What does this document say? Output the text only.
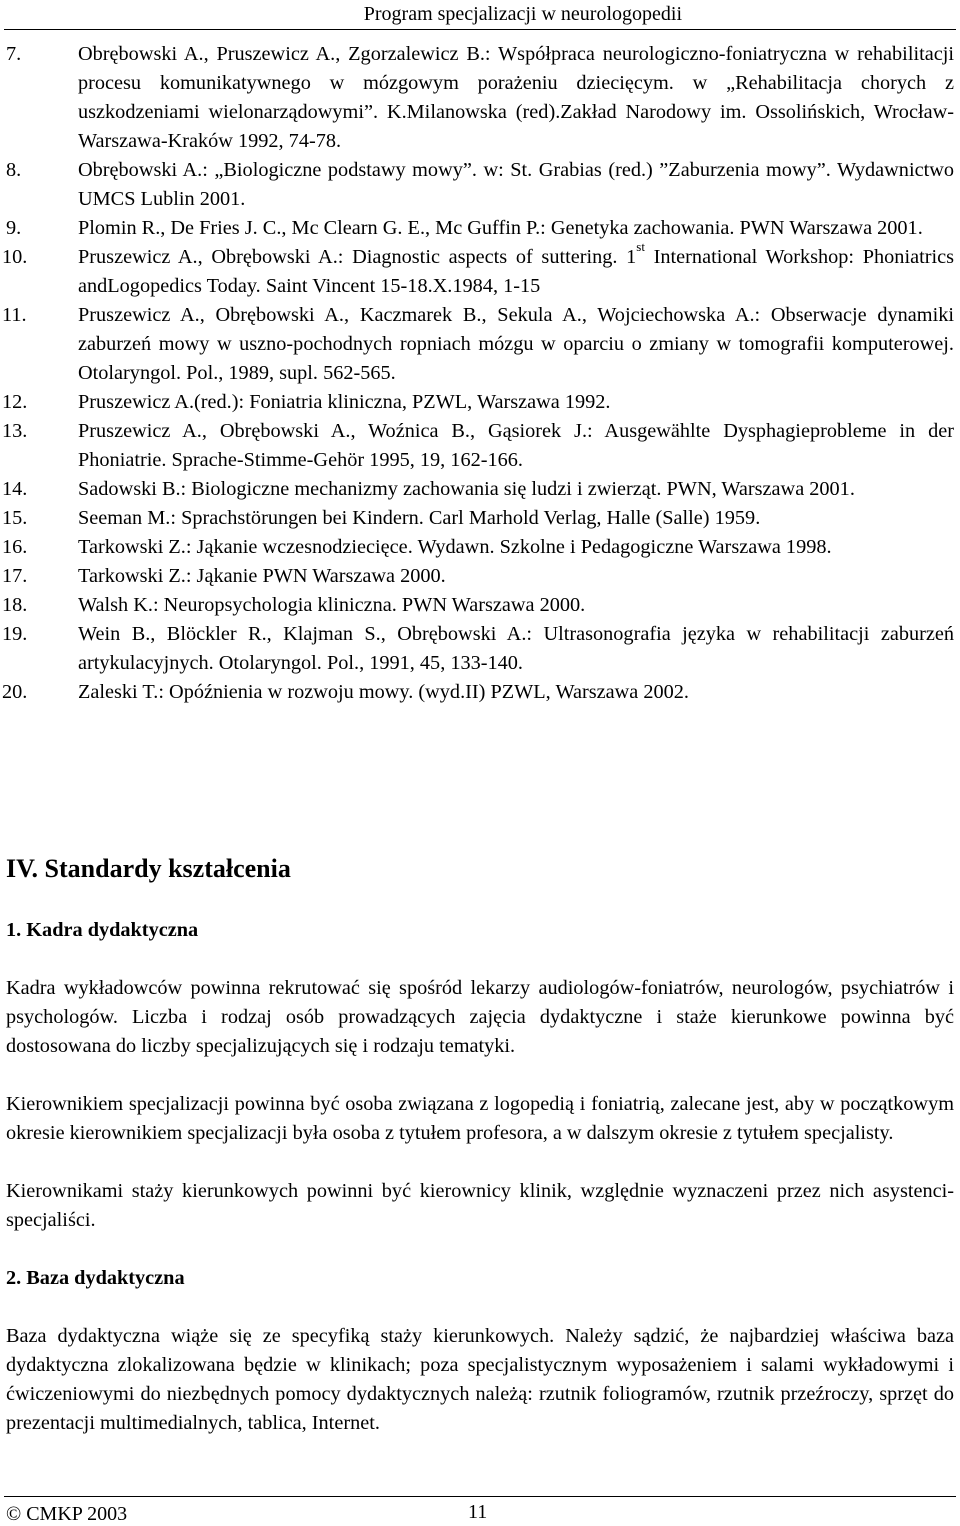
Program specjalizacji w neurologopedii
7.	Obrębowski A., Pruszewicz A., Zgorzalewicz B.: Współpraca neurologiczno-foniatryczna w rehabilitacji procesu komunikatywnego w mózgowym porażeniu dziecięcym. w „Rehabilitacja chorych z uszkodzeniami wielonarządowymi”. K.Milanowska (red).Zakład Narodowy im. Ossolińskich, Wrocław-Warszawa-Kraków 1992, 74-78.
8.	Obrębowski A.: „Biologiczne podstawy mowy”. w: St. Grabias (red.) ”Zaburzenia mowy”. Wydawnictwo UMCS Lublin 2001.
9.	Plomin R., De Fries J. C., Mc Clearn G. E., Mc Guffin P.: Genetyka zachowania. PWN Warszawa 2001.
10.	Pruszewicz A., Obrębowski A.: Diagnostic aspects of suttering. 1st International Workshop: Phoniatrics andLogopedics Today. Saint Vincent 15-18.X.1984, 1-15
11.	Pruszewicz A., Obrębowski A., Kaczmarek B., Sekula A., Wojciechowska A.: Obserwacje dynamiki zaburzeń mowy w uszno-pochodnych ropniach mózgu w oparciu o zmiany w tomografii komputerowej. Otolaryngol. Pol., 1989, supl. 562-565.
12.	Pruszewicz A.(red.): Foniatria kliniczna, PZWL, Warszawa 1992.
13.	Pruszewicz A., Obrębowski A., Woźnica B., Gąsiorek J.: Ausgewählte Dysphagieprobleme in der Phoniatrie. Sprache-Stimme-Gehör 1995, 19, 162-166.
14.	Sadowski B.: Biologiczne mechanizmy zachowania się ludzi i zwierząt. PWN, Warszawa 2001.
15.	Seeman M.: Sprachstörungen bei Kindern. Carl Marhold Verlag, Halle (Salle) 1959.
16.	Tarkowski Z.: Jąkanie wczesnodziecięce. Wydawn. Szkolne i Pedagogiczne Warszawa 1998.
17.	Tarkowski Z.: Jąkanie PWN Warszawa 2000.
18.	Walsh K.: Neuropsychologia kliniczna. PWN Warszawa 2000.
19.	Wein B., Blöckler R., Klajman S., Obrębowski A.: Ultrasonografia języka w rehabilitacji zaburzeń artykulacyjnych. Otolaryngol. Pol., 1991, 45, 133-140.
20.	Zaleski T.: Opóźnienia w rozwoju mowy. (wyd.II) PZWL, Warszawa 2002.
IV. Standardy kształcenia
1. Kadra dydaktyczna

Kadra wykładowców powinna rekrutować się spośród lekarzy audiologów-foniatrów, neurologów, psychiatrów i psychologów. Liczba i rodzaj osób prowadzących zajęcia dydaktyczne i staże kierunkowe powinna być dostosowana do liczby specjalizujących się i rodzaju tematyki.

Kierownikiem specjalizacji powinna być osoba związana z logopedią i foniatrią, zalecane jest, aby w początkowym okresie kierownikiem specjalizacji była osoba z tytułem profesora, a w dalszym okresie z tytułem specjalisty.

Kierownikami staży kierunkowych powinni być kierownicy klinik, względnie wyznaczeni przez nich asystenci-specjaliści.

2. Baza dydaktyczna

Baza dydaktyczna wiąże się ze specyfiką staży kierunkowych. Należy sądzić, że najbardziej właściwa baza dydaktyczna zlokalizowana będzie w klinikach; poza specjalistycznym wyposażeniem i salami wykładowymi i ćwiczeniowymi do niezbędnych pomocy dydaktycznych należą: rzutnik foliogramów, rzutnik przeźroczy, sprzęt do prezentacji multimedialnych, tablica, Internet.

© CMKP 2003	11
